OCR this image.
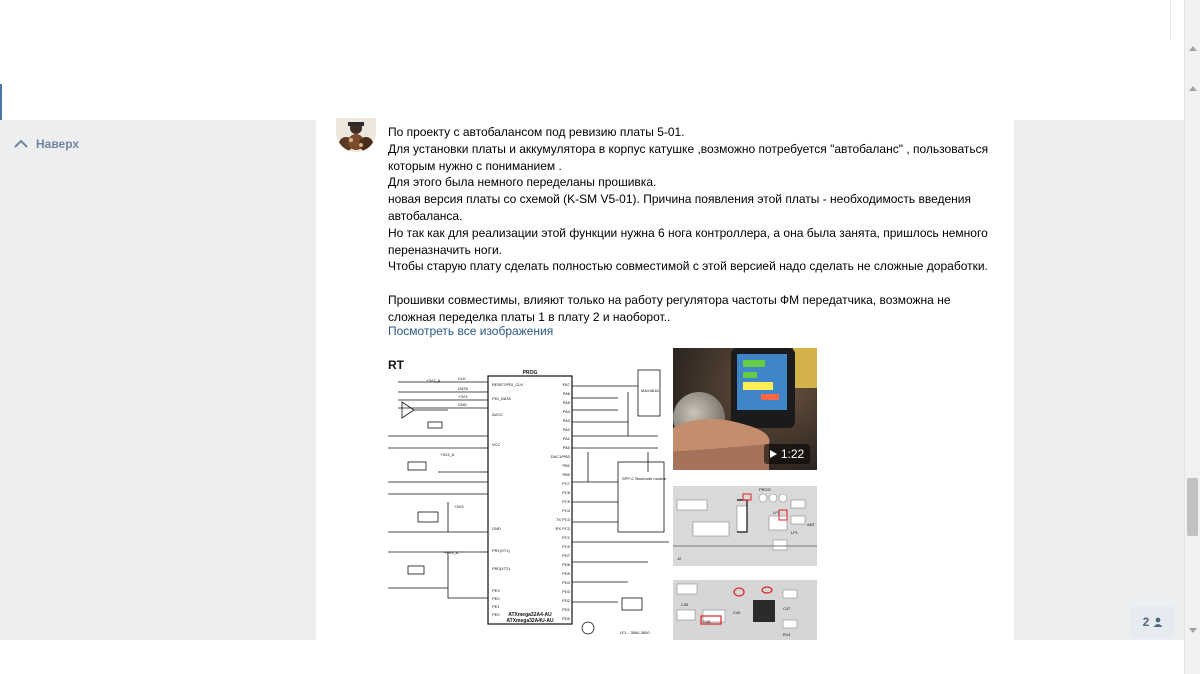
Наверх

По проекту с автобалансом под ревизию платы 5-01.

Для установки платы и аккумулятора в корпус катушке ,возможно потребуется "автобаланс" , пользоваться которым нужно с пониманием .

Для этого была немного переделаны прошивка.

новая версия платы со схемой (K-SM V5-01). Причина появления этой платы - необходимость введения автобаланса.

Но так как для реализации этой функции нужна 6 нога контроллера, а она была занята, пришлось немного переназначить ноги.

Чтобы старую плату сделать полностью совместимой с этой версией надо сделать не сложные доработки.

Прошивки совместимы, влияют только на работу регулятора частоты ФМ передатчика, возможна не сложная переделка платы 1 в плату 2 и наоборот..

Посмотреть все изображения
RT
PROG
ATXmega32A4-AU
ATXmega32A4U-AU
RESET/PDI_CLK
PDI_DATA
AVCC
VCC
GND
PR1(XT1)
PR0(XT2)
PE3
PE2
PE1
PE0
PA7
PA6
PA5
PA4
PA3
PA2
PA1
PA0
DAC1/PB3
PB1
PB0
PC7
PC6
PC5
PC4
TX PC3
RX PC2
PC1
PC0
PD7
PD6
PD5
PD4
PD3
PD2
PD1
PD0
+3V3_A	CLK
DATA
+3V3
GND
+3V3_A
+3V3
+3V3_A
MAX4618
SPP-C Bluetooth module
LF1 - 3560-3800
1:22
PROG
LF1
LF1
ANT
J2
C48
C49
C47
C35
R14
2
